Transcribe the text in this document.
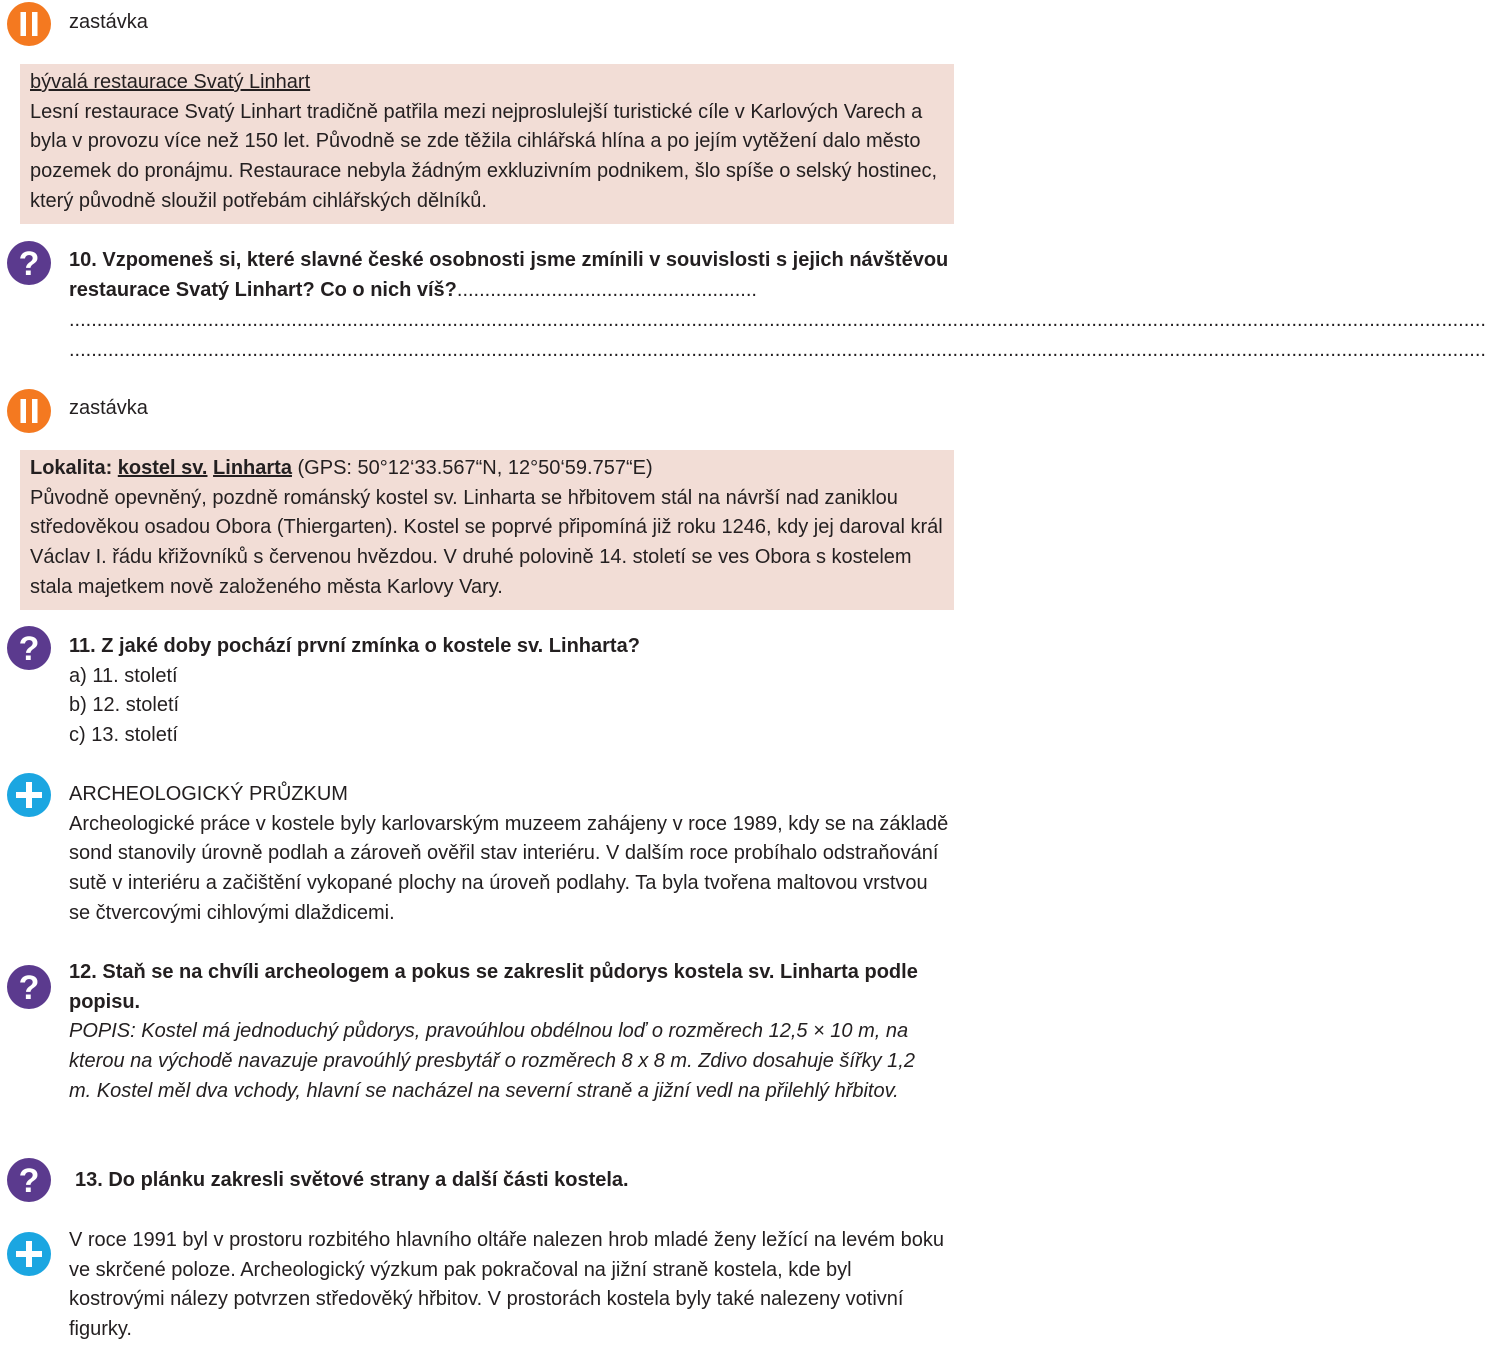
zastávka

bývalá restaurace Svatý Linhart

Lesní restaurace Svatý Linhart tradičně patřila mezi nejproslulejší turistické cíle v Karlových Varech a byla v provozu více než 150 let. Původně se zde těžila cihlářská hlína a po jejím vytěžení dalo město pozemek do pronájmu. Restaurace nebyla žádným exkluzivním podnikem, šlo spíše o selský hostinec, který původně sloužil potřebám cihlářských dělníků.

? 10. Vzpomeneš si, které slavné české osobnosti jsme zmínili v souvislosti s jejich návštěvou restaurace Svatý Linhart? Co o nich víš?......................................................
...............................................................................................................................................................................................................................................................
...............................................................................................................................................................................................................................................................
zastávka

Lokalita: kostel sv. Linharta (GPS: 50°12‘33.567“N, 12°50‘59.757“E)

Původně opevněný, pozdně románský kostel sv. Linharta se hřbitovem stál na návrší nad zaniklou středověkou osadou Obora (Thiergarten). Kostel se poprvé připomíná již roku 1246, kdy jej daroval král Václav I. řádu křižovníků s červenou hvězdou. V druhé polovině 14. století se ves Obora s kostelem stala majetkem nově založeného města Karlovy Vary.

? 11. Z jaké doby pochází první zmínka o kostele sv. Linharta?

a) 11. století

b) 12. století

c) 13. století

ARCHEOLOGICKÝ PRŮZKUM

Archeologické práce v kostele byly karlovarským muzeem zahájeny v roce 1989, kdy se na základě sond stanovily úrovně podlah a zároveň ověřil stav interiéru. V dalším roce probíhalo odstraňování sutě v interiéru a začištění vykopané plochy na úroveň podlahy. Ta byla tvořena maltovou vrstvou se čtvercovými cihlovými dlaždicemi.

? 12. Staň se na chvíli archeologem a pokus se zakreslit půdorys kostela sv. Linharta podle popisu.

POPIS: Kostel má jednoduchý půdorys, pravoúhlou obdélnou loď o rozměrech 12,5 × 10 m, na kterou na východě navazuje pravoúhlý presbytář o rozměrech 8 x 8 m. Zdivo dosahuje šířky 1,2 m. Kostel měl dva vchody, hlavní se nacházel na severní straně a jižní vedl na přilehlý hřbitov.

? 13. Do plánku zakresli světové strany a další části kostela.

V roce 1991 byl v prostoru rozbitého hlavního oltáře nalezen hrob mladé ženy ležící na levém boku ve skrčené poloze. Archeologický výzkum pak pokračoval na jižní straně kostela, kde byl kostrovými nálezy potvrzen středověký hřbitov. V prostorách kostela byly také nalezeny votivní figurky.
